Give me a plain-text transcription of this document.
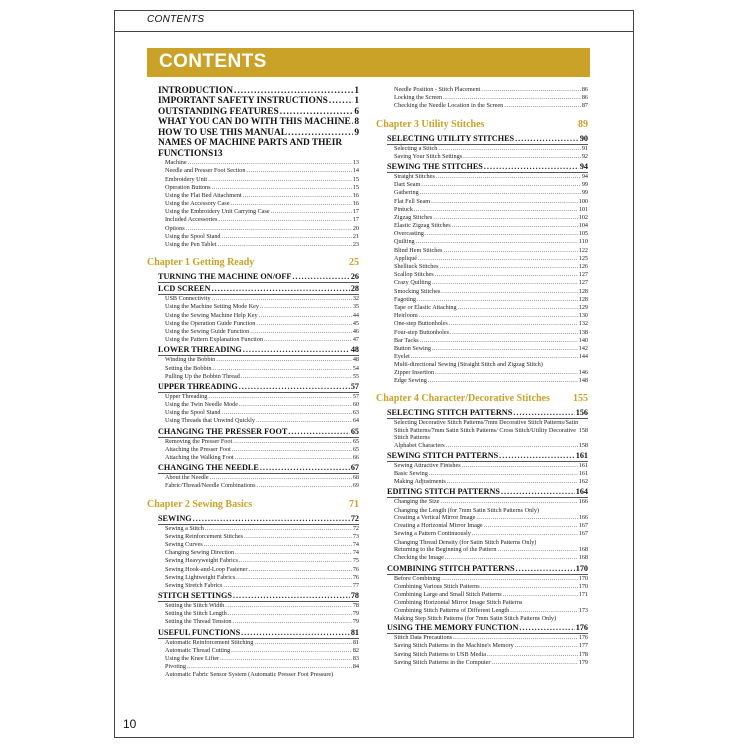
CONTENTS
CONTENTS
INTRODUCTION .....	1
IMPORTANT SAFETY INSTRUCTIONS .....	1
OUTSTANDING FEATURES .....	6
WHAT YOU CAN DO WITH THIS MACHINE ..... 8
HOW TO USE THIS MANUAL .....	9
NAMES OF MACHINE PARTS AND THEIR FUNCTIONS13
Machine .....	13
Needle and Presser Foot Section .....	14
Embroidery Unit .....	15
Operation Buttons .....	15
Using the Flat Bed Attachment .....	16
Using the Accessory Case .....	16
Using the Embroidery Unit Carrying Case .....	17
Included Accessories .....	17
Options .....	20
Using the Spool Stand .....	21
Using the Pen Tablet .....	23
Chapter 1 Getting Ready	25
TURNING THE MACHINE ON/OFF .....	26
LCD SCREEN .....	28
USB Connectivity .....	32
Using the Machine Setting Mode Key .....	35
Using the Sewing Machine Help Key .....	44
Using the Operation Guide Function .....	45
Using the Sewing Guide Function .....	46
Using the Pattern Explanation Function .....	47
LOWER THREADING .....	48
Winding the Bobbin .....	48
Setting the Bobbin .....	54
Pulling Up the Bobbin Thread .....	55
UPPER THREADING .....	57
Upper Threading .....	57
Using the Twin Needle Mode .....	60
Using the Spool Stand .....	63
Using Threads that Unwind Quickly .....	64
CHANGING THE PRESSER FOOT .....	65
Removing the Presser Foot .....	65
Attaching the Presser Foot .....	65
Attaching the Walking Foot .....	66
CHANGING THE NEEDLE .....	67
About the Needle .....	68
Fabric/Thread/Needle Combinations .....	69
Chapter 2 Sewing Basics	71
SEWING .....	72
Sewing a Stitch .....	72
Sewing Reinforcement Stitches .....	73
Sewing Curves .....	74
Changing Sewing Direction .....	74
Sewing Heavyweight Fabrics .....	75
Sewing Hook-and-Loop Fastener .....	76
Sewing Lightweight Fabrics .....	76
Sewing Stretch Fabrics .....	77
STITCH SETTINGS .....	78
Setting the Stitch Width .....	78
Setting the Stitch Length .....	79
Setting the Thread Tension .....	79
USEFUL FUNCTIONS .....	81
Automatic Reinforcement Stitching .....	81
Automatic Thread Cutting .....	82
Using the Knee Lifter .....	83
Pivoting .....	84
Automatic Fabric Sensor System (Automatic Presser Foot Pressure)
Needle Position - Stitch Placement .....	86
Locking the Screen .....	86
Checking the Needle Location in the Screen .....	87
Chapter 3 Utility Stitches	89
SELECTING UTILITY STITCHES .....	90
Selecting a Stitch .....	91
Saving Your Stitch Settings .....	92
SEWING THE STITCHES .....	94
Straight Stitches .....	94
Dart Seam .....	99
Gathering .....	99
Flat Fell Seam .....	100
Pintuck .....	101
Zigzag Stitches .....	102
Elastic Zigzag Stitches .....	104
Overcasting .....	105
Quilting .....	110
Blind Hem Stitches .....	122
Appliqué .....	125
Shelltuck Stitches .....	126
Scallop Stitches .....	127
Crazy Quilting .....	127
Smocking Stitches .....	128
Fagoting .....	128
Tape or Elastic Attaching .....	129
Heirloom .....	130
One-step Buttonholes .....	132
Four-step Buttonholes .....	138
Bar Tacks .....	140
Button Sewing .....	142
Eyelet .....	144
Multi-directional Sewing (Straight Stitch and Zigzag Stitch)
Zipper Insertion .....	146
Edge Sewing .....	148
Chapter 4 Character/Decorative Stitches	155
SELECTING STITCH PATTERNS .....	156
Selecting Decorative Stitch Patterns/7mm Decorative Stitch Patterns/Satin Stitch Patterns/7mm Satin Stitch Patterns/ Cross Stitch/Utility Decorative Stitch Patterns
158
Alphabet Characters .....	158
SEWING STITCH PATTERNS .....	161
Sewing Attractive Finishes .....	161
Basic Sewing .....	161
Making Adjustments .....	162
EDITING STITCH PATTERNS .....	164
Changing the Size .....	166
Changing the Length (for 7mm Satin Stitch Patterns Only)
Creating a Vertical Mirror Image .....	166
Creating a Horizontal Mirror Image .....	167
Sewing a Pattern Continuously .....	167
Changing Thread Density (for Satin Stitch Patterns Only)
Returning to the Beginning of the Pattern .....	168
Checking the Image .....	168
COMBINING STITCH PATTERNS .....	170
Before Combining .....	170
Combining Various Stitch Patterns .....	170
Combining Large and Small Stitch Patterns .....	171
Combining Horizontal Mirror Image Stitch Patterns
Combining Stitch Patterns of Different Length .....	173
Making Step Stitch Patterns (for 7mm Satin Stitch Patterns Only)
USING THE MEMORY FUNCTION .....	176
Stitch Data Precautions .....	176
Saving Stitch Patterns in the Machine's Memory .....	177
Saving Stitch Patterns to USB Media .....	178
Saving Stitch Patterns in the Computer .....	179
10
